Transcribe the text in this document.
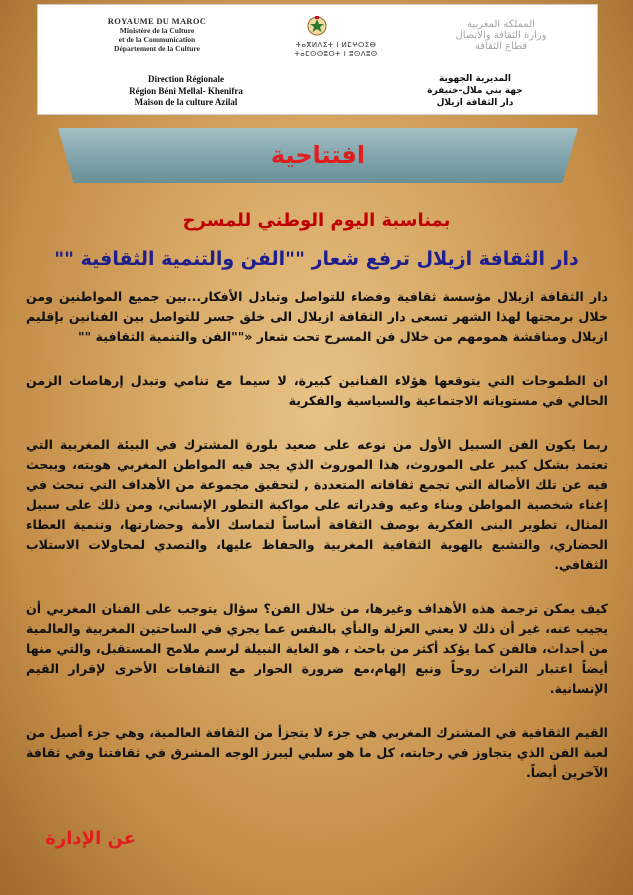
ROYAUME DU MAROC
Ministère de la Culture
et de la Communication
Département de la Culture	ⵜⴰⴳⵍⴷⵉⵜ ⵏ ⵍⵎⵖⵔⵉⴱ
ⵜⴰⵎⵙⵙⵓⵔⵜ ⵏ ⵓⵙⴷⵓⵙ
المملكة المغربية
وزارة الثقافة والاتصال
قطاع الثقافة
Direction Régionale
Région Béni Mellal- Khenifra
Maison de la culture Azilal
المديرية الجهوية
جهة بني ملال-خنيفرة
دار الثقافة ازيلال
افتتاحية
بمناسبة اليوم الوطني للمسرح
دار الثقافة ازيلال ترفع شعار ""الفن والتنمية الثقافية ""

دار الثقافة ازيلال مؤسسة ثقافية وفضاء للتواصل وتبادل الأفكار...بين جميع المواطنين ومن خلال برمجتها لهذا الشهر تسعى دار الثقافة ازيلال الى خلق جسر للتواصل بين الفنانين بإقليم ازيلال ومناقشة همومهم من خلال فن المسرح تحت شعار «""الفن والتنمية الثقافية ""

ان الطموحات التي يتوقعها هؤلاء الفنانين كبيرة، لا سيما مع تنامي وتبدل إرهاصات الزمن الحالي في مستوياته الاجتماعية والسياسية والفكرية

ربما يكون الفن السبيل الأول من نوعه على صعيد بلورة المشترك في البيئة المغربية التي تعتمد بشكل كبير على الموروث، هذا الموروث الذي يجد فيه المواطن المغربي هويته، ويبحث فيه عن تلك الأصالة التي تجمع ثقافاته المتعددة , لتحقيق مجموعة من الأهداف التي تبحث في إغناء شخصية المواطن وبناء وعيه وقدراته على مواكبة التطور الإنساني، ومن ذلك على سبيل المثال، تطوير البنى الفكرية بوصف الثقافة أساساً لتماسك الأمة وحضارتها، وتنمية العطاء الحضاري، والتشبع بالهوية الثقافية المغربية والحفاظ عليها، والتصدي لمحاولات الاستلاب الثقافي.

كيف يمكن ترجمة هذه الأهداف وغيرها، من خلال الفن؟ سؤال يتوجب على الفنان المغربي أن يجيب عنه، غير أن ذلك لا يعني العزلة والنأي بالنفس عما يجري في الساحتين المغربية والعالمية من أحداث، فالفن كما يؤكد أكثر من باحث ، هو الغاية النبيلة لرسم ملامح المستقبل، والتي منها أيضاً اعتبار التراث روحاً ونبع إلهام،مع ضرورة الحوار مع الثقافات الأخرى لإقرار القيم الإنسانية.

القيم الثقافية في المشترك المغربي هي جزء لا يتجزأ من الثقافة العالمية، وهي جزء أصيل من لعبة الفن الذي يتجاوز في رحابته، كل ما هو سلبي ليبرز الوجه المشرق في ثقافتنا وفي ثقافة الآخرين أيضاً.

عن الإدارة
